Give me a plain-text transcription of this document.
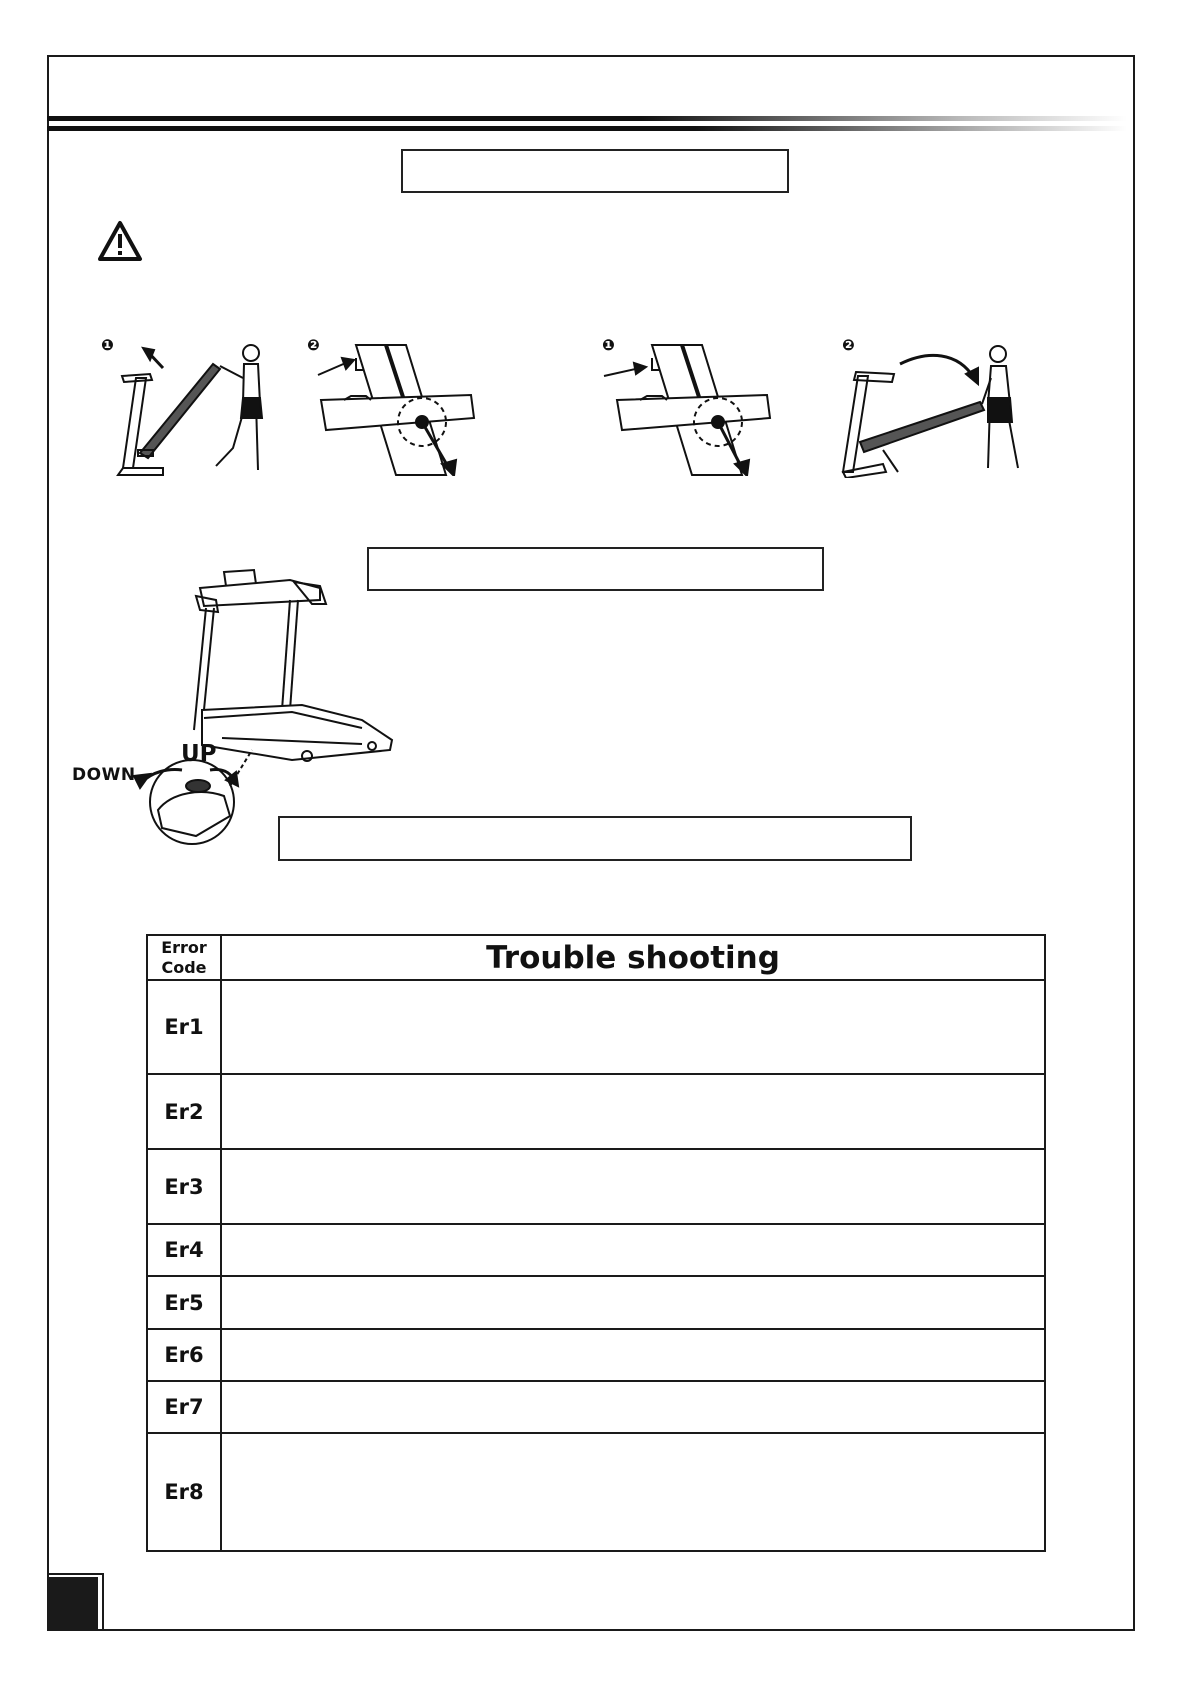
❶	❷	❶	❷
DOWN
UP
Error
Code	Trouble shooting
Er1	
Er2	
Er3	
Er4	
Er5	
Er6	
Er7	
Er8	
